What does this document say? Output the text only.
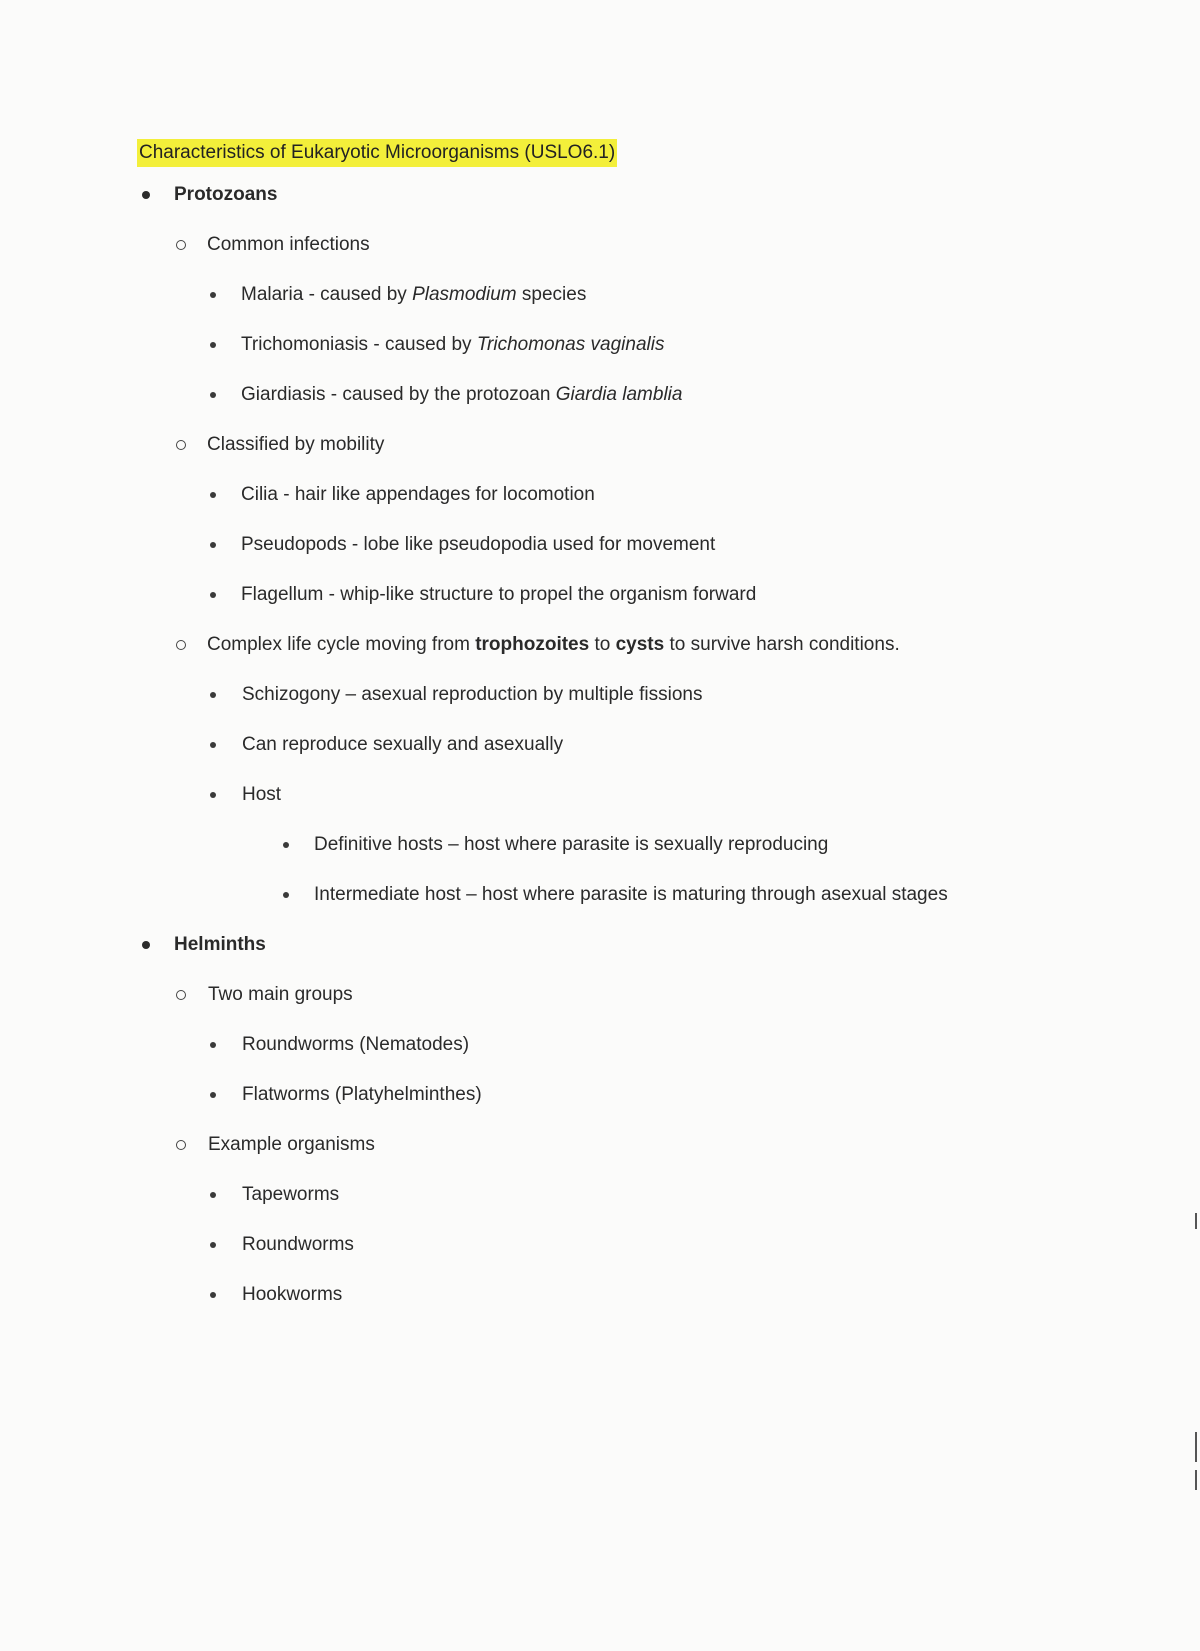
Characteristics of Eukaryotic Microorganisms (USLO6.1)
Protozoans
Common infections
Malaria - caused by Plasmodium species
Trichomoniasis - caused by Trichomonas vaginalis
Giardiasis - caused by the protozoan Giardia lamblia
Classified by mobility
Cilia - hair like appendages for locomotion
Pseudopods - lobe like pseudopodia used for movement
Flagellum - whip-like structure to propel the organism forward
Complex life cycle moving from trophozoites to cysts to survive harsh conditions.
Schizogony – asexual reproduction by multiple fissions
Can reproduce sexually and asexually
Host
Definitive hosts – host where parasite is sexually reproducing
Intermediate host – host where parasite is maturing through asexual stages
Helminths
Two main groups
Roundworms (Nematodes)
Flatworms (Platyhelminthes)
Example organisms
Tapeworms
Roundworms
Hookworms
